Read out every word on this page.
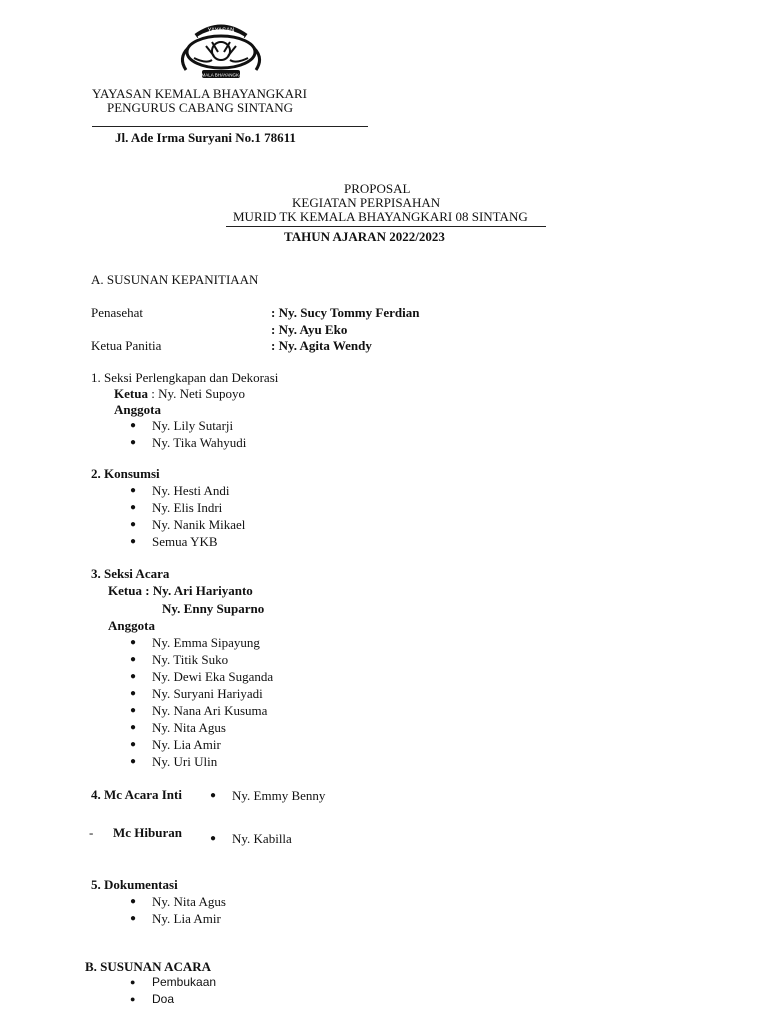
YAYASAN
KEMALA BHAYANGKARI
YAYASAN KEMALA BHAYANGKARI
PENGURUS CABANG SINTANG
Jl. Ade Irma Suryani No.1 78611
PROPOSAL
KEGIATAN PERPISAHAN
MURID TK KEMALA BHAYANGKARI 08 SINTANG
TAHUN AJARAN 2022/2023
A. SUSUNAN KEPANITIAAN
Penasehat	: Ny. Sucy Tommy Ferdian
: Ny. Ayu Eko
Ketua Panitia	: Ny. Agita Wendy
1. Seksi Perlengkapan dan Dekorasi
Ketua : Ny. Neti Supoyo
Anggota
●	Ny. Lily Sutarji
●	Ny. Tika Wahyudi
2. Konsumsi
●	Ny. Hesti Andi
●	Ny. Elis Indri
●	Ny. Nanik Mikael
●	Semua YKB
3. Seksi Acara
Ketua : Ny. Ari Hariyanto
Ny. Enny Suparno
Anggota
●	Ny. Emma Sipayung
●	Ny. Titik Suko
●	Ny. Dewi Eka Suganda
●	Ny. Suryani Hariyadi
●	Ny. Nana Ari Kusuma
●	Ny. Nita Agus
●	Ny. Lia Amir
●	Ny. Uri Ulin
4. Mc Acara Inti	●	Ny. Emmy Benny
- Mc Hiburan	●	Ny. Kabilla
5. Dokumentasi
●	Ny. Nita Agus
●	Ny. Lia Amir
B. SUSUNAN ACARA
●	Pembukaan
●	Doa
